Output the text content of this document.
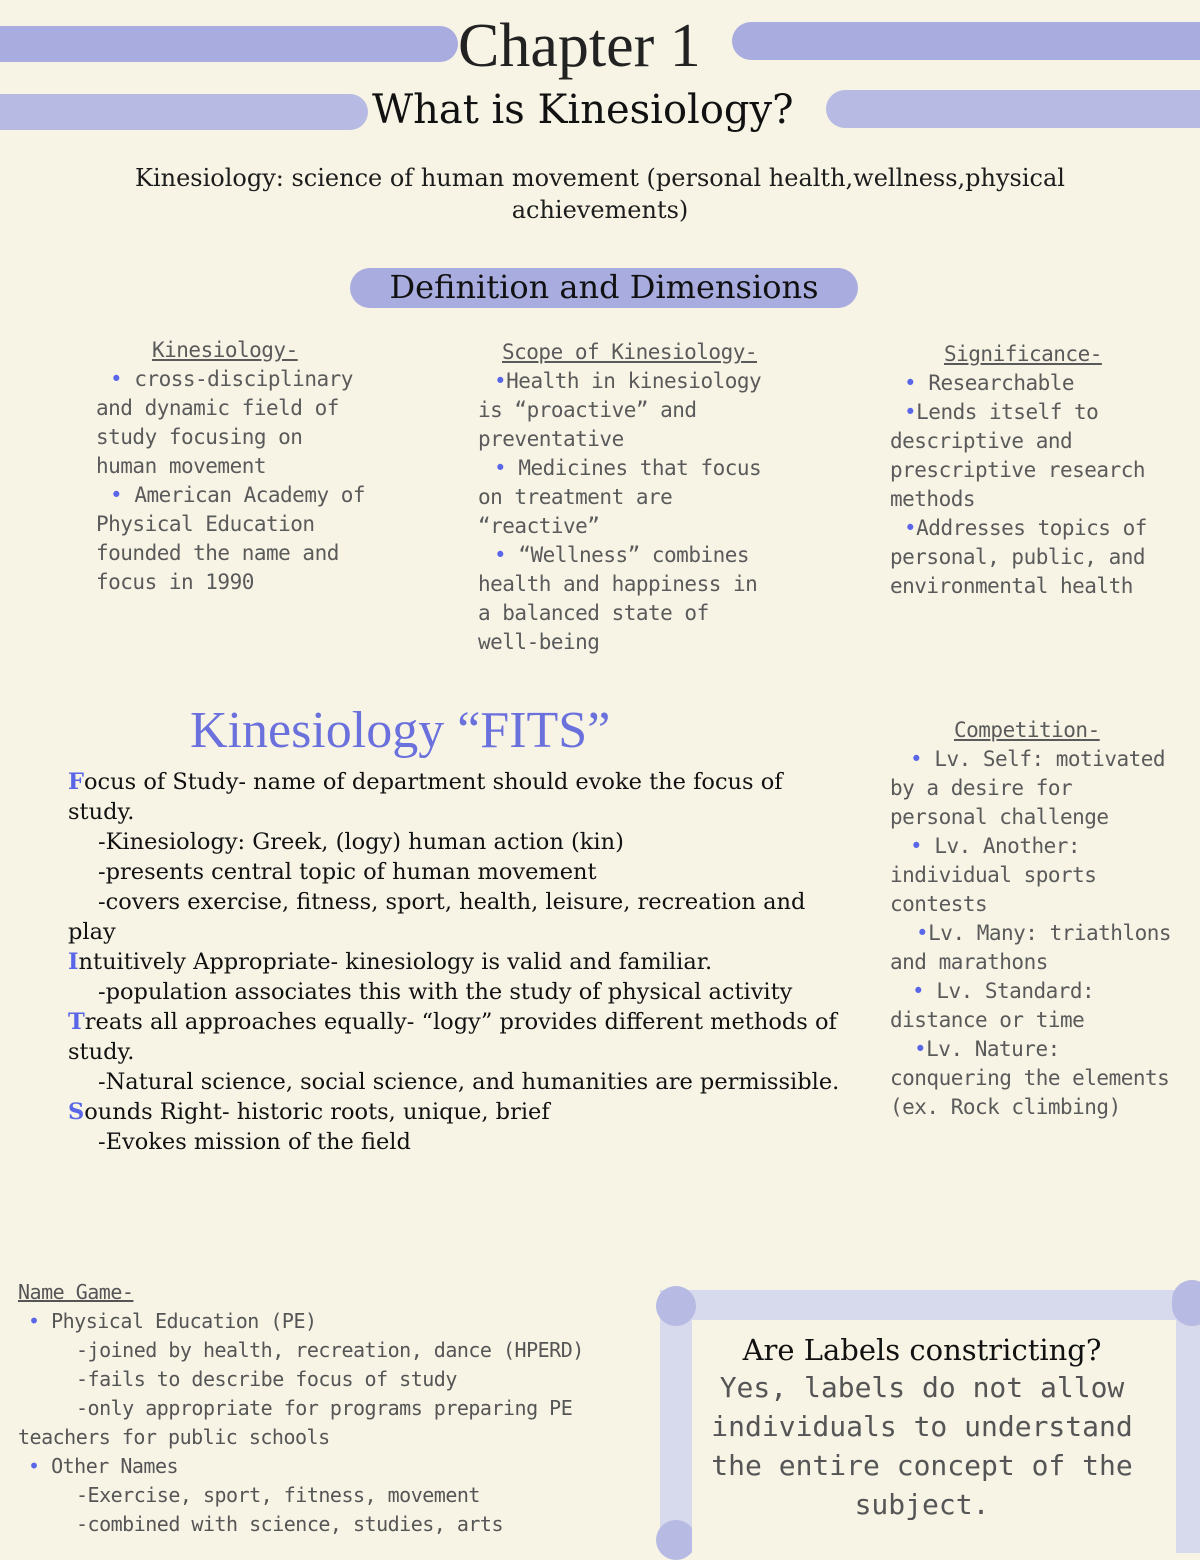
Chapter 1
What is Kinesiology?
Kinesiology: science of human movement (personal health,wellness,physical achievements)
Definition and Dimensions
Kinesiology-
• cross-disciplinary and dynamic field of study focusing on human movement
• American Academy of Physical Education founded the name and focus in 1990
Scope of Kinesiology-
•Health in kinesiology is “proactive” and preventative
• Medicines that focus on treatment are “reactive”
• “Wellness” combines health and happiness in a balanced state of well-being
Significance-
• Researchable
•Lends itself to descriptive and prescriptive research methods
•Addresses topics of personal, public, and environmental health
Kinesiology “FITS”
Focus of Study- name of department should evoke the focus of study.
-Kinesiology: Greek, (logy) human action (kin)
-presents central topic of human movement
-covers exercise, fitness, sport, health, leisure, recreation and play
Intuitively Appropriate- kinesiology is valid and familiar.
-population associates this with the study of physical activity
Treats all approaches equally- “logy” provides different methods of study.
-Natural science, social science, and humanities are permissible.
Sounds Right- historic roots, unique, brief
-Evokes mission of the field
Competition-
• Lv. Self: motivated by a desire for personal challenge
• Lv. Another: individual sports contests
•Lv. Many: triathlons and marathons
• Lv. Standard: distance or time
•Lv. Nature: conquering the elements (ex. Rock climbing)
Name Game-
• Physical Education (PE)
-joined by health, recreation, dance (HPERD)
-fails to describe focus of study
-only appropriate for programs preparing PE teachers for public schools
• Other Names
-Exercise, sport, fitness, movement
-combined with science, studies, arts
Are Labels constricting?
Yes, labels do not allow individuals to understand the entire concept of the subject.
